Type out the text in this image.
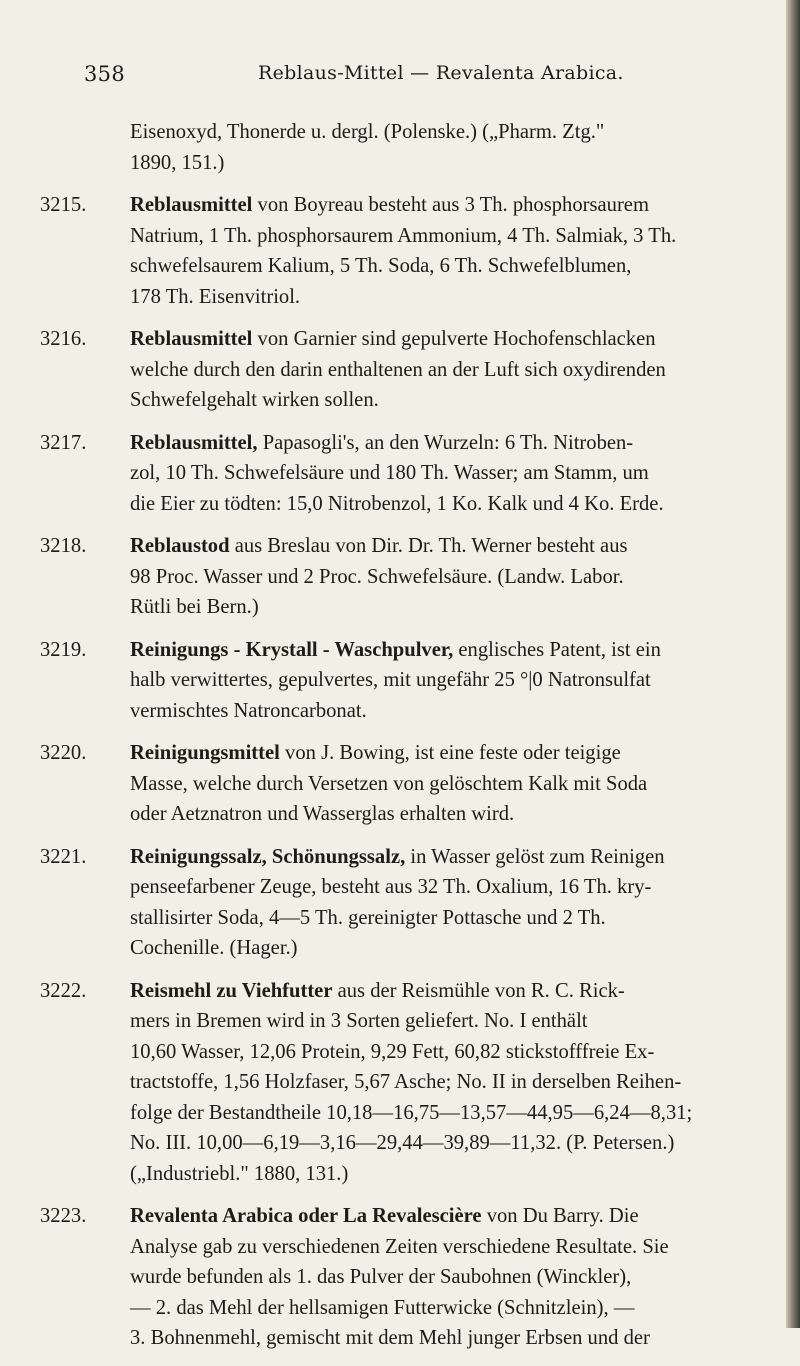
358	Reblaus-Mittel — Revalenta Arabica.
Eisenoxyd, Thonerde u. dergl. (Polenske.) („Pharm. Ztg."
1890, 151.)
3215.	Reblausmittel von Boyreau besteht aus 3 Th. phosphorsaurem
Natrium, 1 Th. phosphorsaurem Ammonium, 4 Th. Salmiak, 3 Th.
schwefelsaurem Kalium, 5 Th. Soda, 6 Th. Schwefelblumen,
178 Th. Eisenvitriol.
3216.	Reblausmittel von Garnier sind gepulverte Hochofenschlacken
welche durch den darin enthaltenen an der Luft sich oxydirenden
Schwefelgehalt wirken sollen.
3217.	Reblausmittel, Papasogli's, an den Wurzeln: 6 Th. Nitroben-
zol, 10 Th. Schwefelsäure und 180 Th. Wasser; am Stamm, um
die Eier zu tödten: 15,0 Nitrobenzol, 1 Ko. Kalk und 4 Ko. Erde.
3218.	Reblaustod aus Breslau von Dir. Dr. Th. Werner besteht aus
98 Proc. Wasser und 2 Proc. Schwefelsäure. (Landw. Labor.
Rütli bei Bern.)
3219.	Reinigungs - Krystall - Waschpulver, englisches Patent, ist ein
halb verwittertes, gepulvertes, mit ungefähr 25 °|0 Natronsulfat
vermischtes Natroncarbonat.
3220.	Reinigungsmittel von J. Bowing, ist eine feste oder teigige
Masse, welche durch Versetzen von gelöschtem Kalk mit Soda
oder Aetznatron und Wasserglas erhalten wird.
3221.	Reinigungssalz, Schönungssalz, in Wasser gelöst zum Reinigen
penseefarbener Zeuge, besteht aus 32 Th. Oxalium, 16 Th. kry-
stallisirter Soda, 4—5 Th. gereinigter Pottasche und 2 Th.
Cochenille. (Hager.)
3222.	Reismehl zu Viehfutter aus der Reismühle von R. C. Rick-
mers in Bremen wird in 3 Sorten geliefert. No. I enthält
10,60 Wasser, 12,06 Protein, 9,29 Fett, 60,82 stickstofffreie Ex-
tractstoffe, 1,56 Holzfaser, 5,67 Asche; No. II in derselben Reihen-
folge der Bestandtheile 10,18—16,75—13,57—44,95—6,24—8,31;
No. III. 10,00—6,19—3,16—29,44—39,89—11,32. (P. Petersen.)
(„Industriebl." 1880, 131.)
3223.	Revalenta Arabica oder La Revalescière von Du Barry. Die
Analyse gab zu verschiedenen Zeiten verschiedene Resultate. Sie
wurde befunden als 1. das Pulver der Saubohnen (Winckler),
— 2. das Mehl der hellsamigen Futterwicke (Schnitzlein), —
3. Bohnenmehl, gemischt mit dem Mehl junger Erbsen und der
